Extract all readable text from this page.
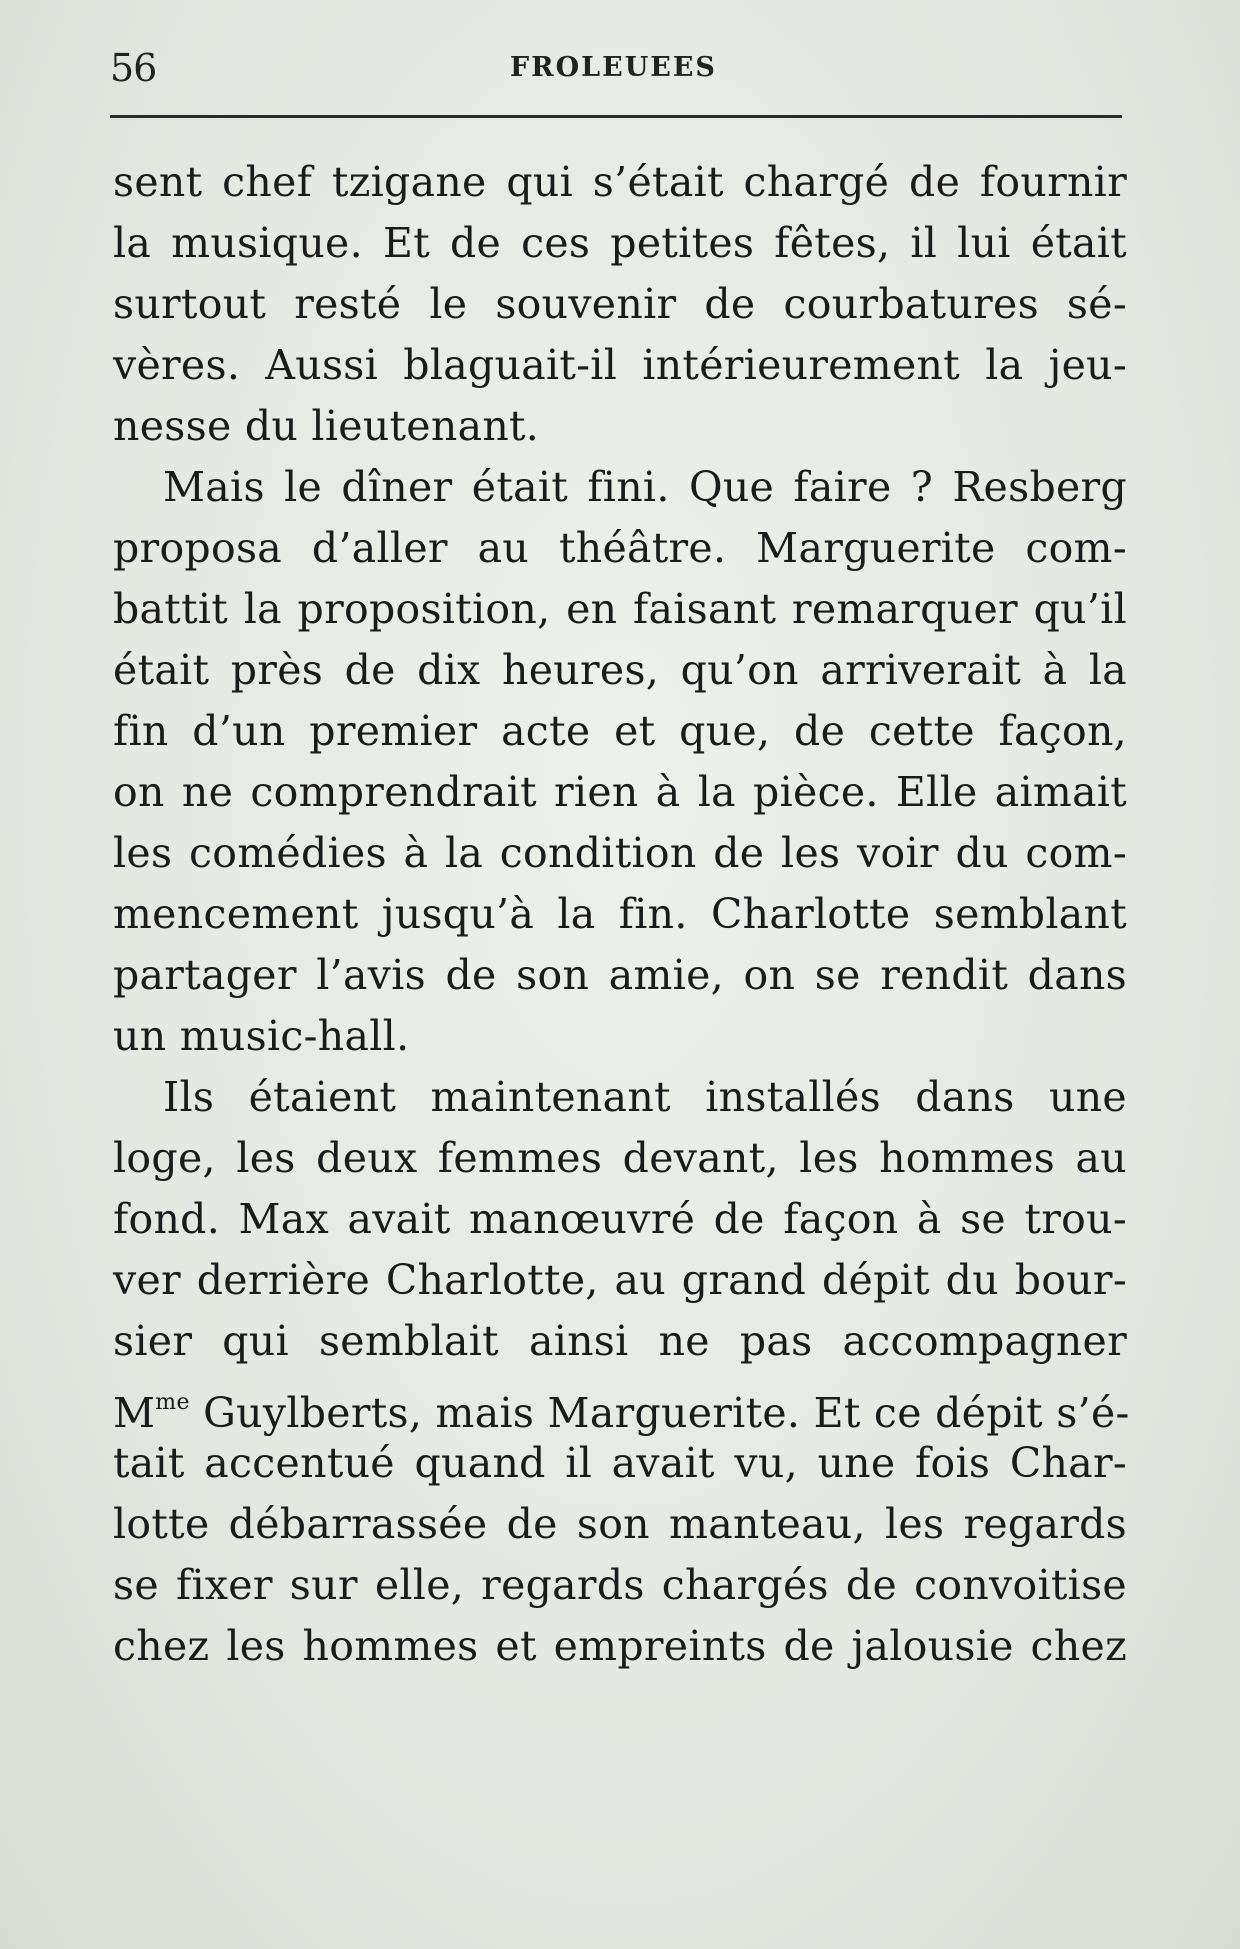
56	FROLEUEES
sent chef tzigane qui s’était chargé de fournir
la musique. Et de ces petites fêtes, il lui était
surtout resté le souvenir de courbatures sé-
vères. Aussi blaguait-il intérieurement la jeu-
nesse du lieutenant.
Mais le dîner était fini. Que faire ? Resberg
proposa d’aller au théâtre. Marguerite com-
battit la proposition, en faisant remarquer qu’il
était près de dix heures, qu’on arriverait à la
fin d’un premier acte et que, de cette façon,
on ne comprendrait rien à la pièce. Elle aimait
les comédies à la condition de les voir du com-
mencement jusqu’à la fin. Charlotte semblant
partager l’avis de son amie, on se rendit dans
un music-hall.
Ils étaient maintenant installés dans une
loge, les deux femmes devant, les hommes au
fond. Max avait manœuvré de façon à se trou-
ver derrière Charlotte, au grand dépit du bour-
sier qui semblait ainsi ne pas accompagner
$M^{me}$ Guylberts, mais Marguerite. Et ce dépit s’é-
tait accentué quand il avait vu, une fois Char-
lotte débarrassée de son manteau, les regards
se fixer sur elle, regards chargés de convoitise
chez les hommes et empreints de jalousie chez
